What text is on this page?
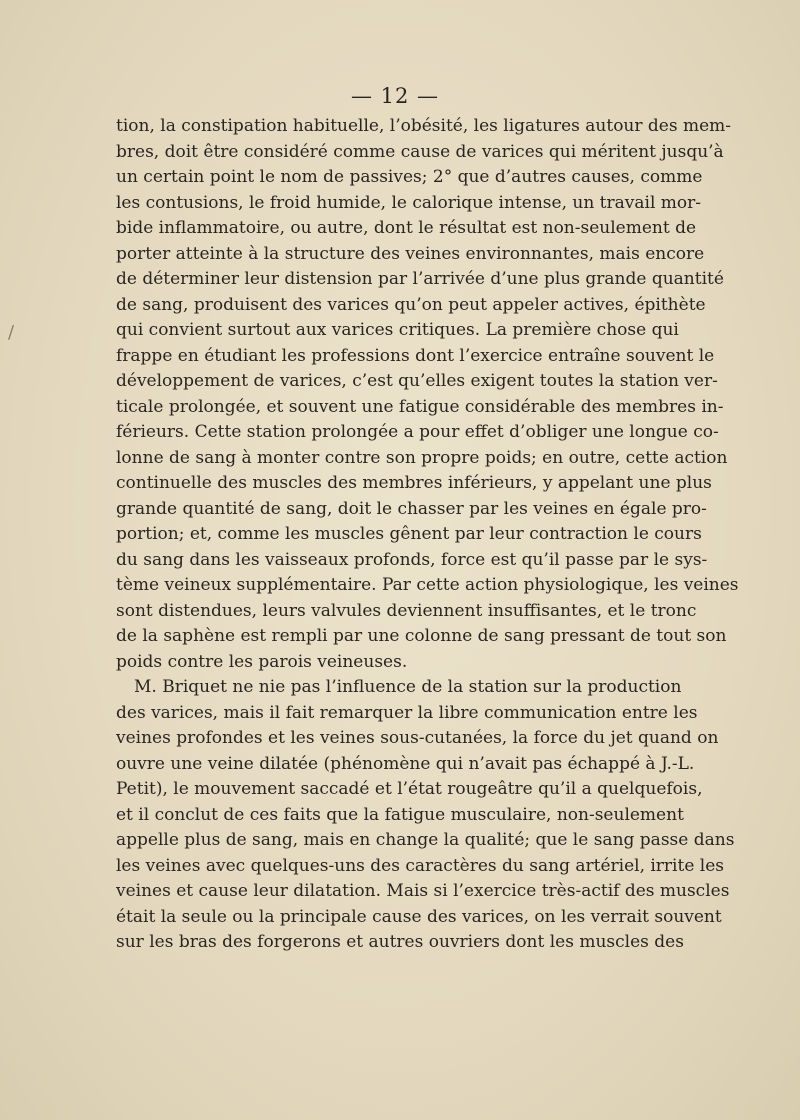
— 12 —
/
tion, la constipation habituelle, l’obésité, les ligatures autour des mem-
bres, doit être considéré comme cause de varices qui méritent jusqu’à
un certain point le nom de passives; 2° que d’autres causes, comme
les contusions, le froid humide, le calorique intense, un travail mor-
bide inflammatoire, ou autre, dont le résultat est non-seulement de
porter atteinte à la structure des veines environnantes, mais encore
de déterminer leur distension par l’arrivée d’une plus grande quantité
de sang, produisent des varices qu’on peut appeler actives, épithète
qui convient surtout aux varices critiques. La première chose qui
frappe en étudiant les professions dont l’exercice entraîne souvent le
développement de varices, c’est qu’elles exigent toutes la station ver-
ticale prolongée, et souvent une fatigue considérable des membres in-
férieurs. Cette station prolongée a pour effet d’obliger une longue co-
lonne de sang à monter contre son propre poids; en outre, cette action
continuelle des muscles des membres inférieurs, y appelant une plus
grande quantité de sang, doit le chasser par les veines en égale pro-
portion; et, comme les muscles gênent par leur contraction le cours
du sang dans les vaisseaux profonds, force est qu’il passe par le sys-
tème veineux supplémentaire. Par cette action physiologique, les veines
sont distendues, leurs valvules deviennent insuffisantes, et le tronc
de la saphène est rempli par une colonne de sang pressant de tout son
poids contre les parois veineuses.
M. Briquet ne nie pas l’influence de la station sur la production
des varices, mais il fait remarquer la libre communication entre les
veines profondes et les veines sous-cutanées, la force du jet quand on
ouvre une veine dilatée (phénomène qui n’avait pas échappé à J.-L.
Petit), le mouvement saccadé et l’état rougeâtre qu’il a quelquefois,
et il conclut de ces faits que la fatigue musculaire, non-seulement
appelle plus de sang, mais en change la qualité; que le sang passe dans
les veines avec quelques-uns des caractères du sang artériel, irrite les
veines et cause leur dilatation. Mais si l’exercice très-actif des muscles
était la seule ou la principale cause des varices, on les verrait souvent
sur les bras des forgerons et autres ouvriers dont les muscles des
